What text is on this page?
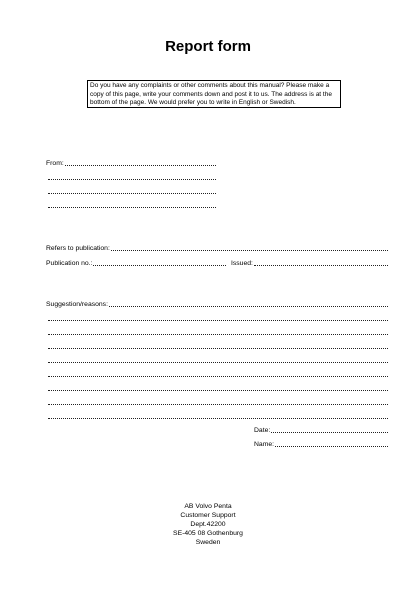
Report form
Do you have any complaints or other comments about this manual? Please make a copy of this page, write your comments down and post it to us. The address is at the bottom of the page. We would prefer you to write in English or Swedish.
From:
Refers to publication:
Publication no.:	Issued:
Suggestion/reasons:
Date:
Name:
AB Volvo Penta
Customer Support
Dept.42200
SE-405 08 Gothenburg
Sweden
